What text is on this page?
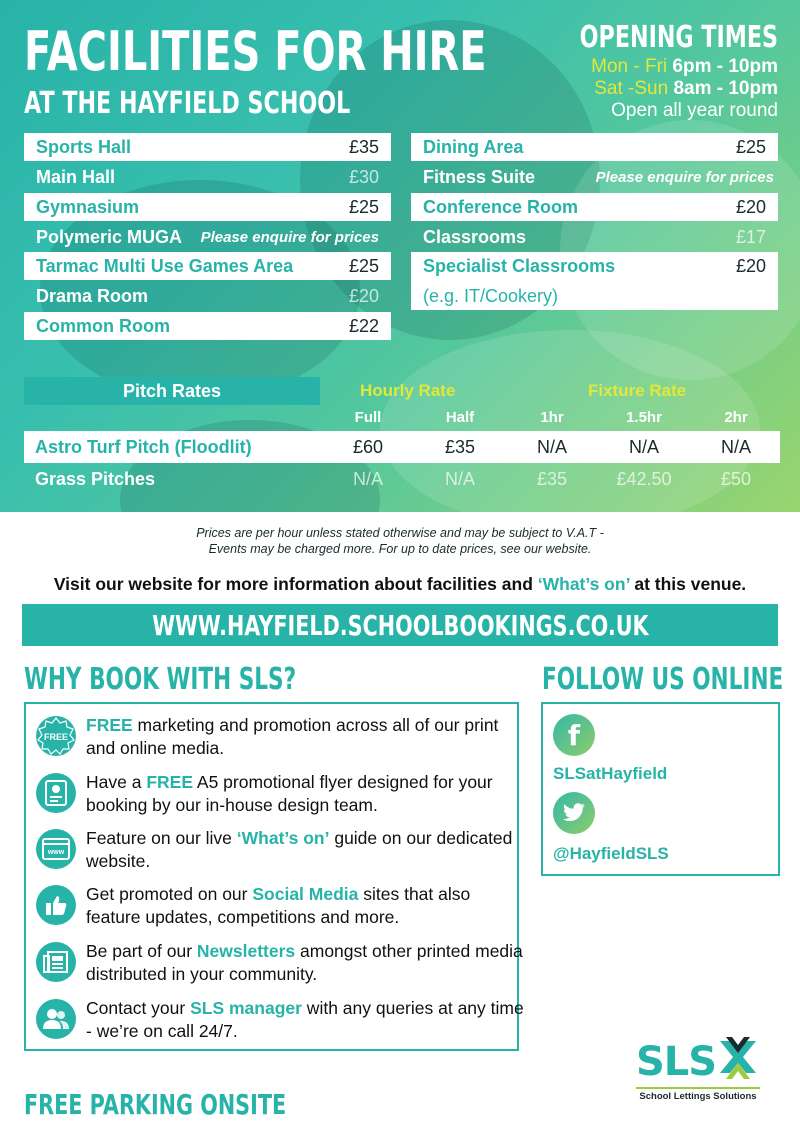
FACILITIES FOR HIRE
AT THE HAYFIELD SCHOOL
OPENING TIMES
Mon - Fri 6pm - 10pm
Sat -Sun 8am - 10pm
Open all year round
Sports Hall	£35
Main Hall	£30
Gymnasium	£25
Polymeric MUGA Please enquire for prices
Tarmac Multi Use Games Area	£25
Drama Room	£20
Common Room	£22
Dining Area	£25
Fitness Suite	Please enquire for prices
Conference Room	£20
Classrooms	£17
Specialist Classrooms	£20
(e.g. IT/Cookery)
Pitch Rates	Hourly Rate	Fixture Rate
Full	Half	1hr	1.5hr	2hr
Astro Turf Pitch (Floodlit)	£60	£35	N/A	N/A	N/A
Grass Pitches	N/A	N/A	£35	£42.50	£50
Prices are per hour unless stated otherwise and may be subject to V.A.T -
Events may be charged more. For up to date prices, see our website.
Visit our website for more information about facilities and ‘What’s on’ at this venue.
WWW.HAYFIELD.SCHOOLBOOKINGS.CO.UK
WHY BOOK WITH SLS?
FREE
FREE marketing and promotion across all of our print and online media.
Have a FREE A5 promotional flyer designed for your booking by our in-house design team.
www
Feature on our live ‘What’s on’ guide on our dedicated website.
Get promoted on our Social Media sites that also feature updates, competitions and more.
Be part of our Newsletters amongst other printed media distributed in your community.
Contact your SLS manager with any queries at any time - we’re on call 24/7.
FOLLOW US ONLINE
f
SLSatHayfield
@HayfieldSLS
SLS
School Lettings Solutions
FREE PARKING ONSITE
